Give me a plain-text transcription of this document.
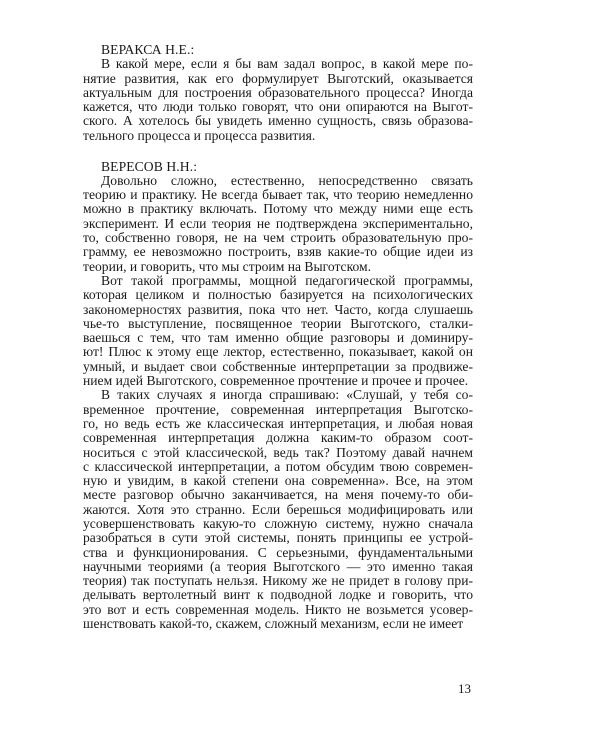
ВЕРАКСА Н.Е.:
В какой мере, если я бы вам задал вопрос, в какой мере по-
нятие развития, как его формулирует Выготский, оказывается
актуальным для построения образовательного процесса? Иногда
кажется, что люди только говорят, что они опираются на Выгот-
ского. А хотелось бы увидеть именно сущность, связь образова-
тельного процесса и процесса развития.
ВЕРЕСОВ Н.Н.:
Довольно сложно, естественно, непосредственно связать
теорию и практику. Не всегда бывает так, что теорию немедленно
можно в практику включать. Потому что между ними еще есть
эксперимент. И если теория не подтверждена экспериментально,
то, собственно говоря, не на чем строить образовательную про-
грамму, ее невозможно построить, взяв какие-то общие идеи из
теории, и говорить, что мы строим на Выготском.
Вот такой программы, мощной педагогической программы,
которая целиком и полностью базируется на психологических
закономерностях развития, пока что нет. Часто, когда слушаешь
чье-то выступление, посвященное теории Выготского, сталки-
ваешься с тем, что там именно общие разговоры и доминиру-
ют! Плюс к этому еще лектор, естественно, показывает, какой он
умный, и выдает свои собственные интерпретации за продвиже-
нием идей Выготского, современное прочтение и прочее и прочее.
В таких случаях я иногда спрашиваю: «Слушай, у тебя со-
временное прочтение, современная интерпретация Выготско-
го, но ведь есть же классическая интерпретация, и любая новая
современная интерпретация должна каким-то образом соот-
носиться с этой классической, ведь так? Поэтому давай начнем
с классической интерпретации, а потом обсудим твою современ-
ную и увидим, в какой степени она современна». Все, на этом
месте разговор обычно заканчивается, на меня почему-то оби-
жаются. Хотя это странно. Если берешься модифицировать или
усовершенствовать какую-то сложную систему, нужно сначала
разобраться в сути этой системы, понять принципы ее устрой-
ства и функционирования. С серьезными, фундаментальными
научными теориями (а теория Выготского — это именно такая
теория) так поступать нельзя. Никому же не придет в голову при-
делывать вертолетный винт к подводной лодке и говорить, что
это вот и есть современная модель. Никто не возьмется усовер-
шенствовать какой-то, скажем, сложный механизм, если не имеет
13
